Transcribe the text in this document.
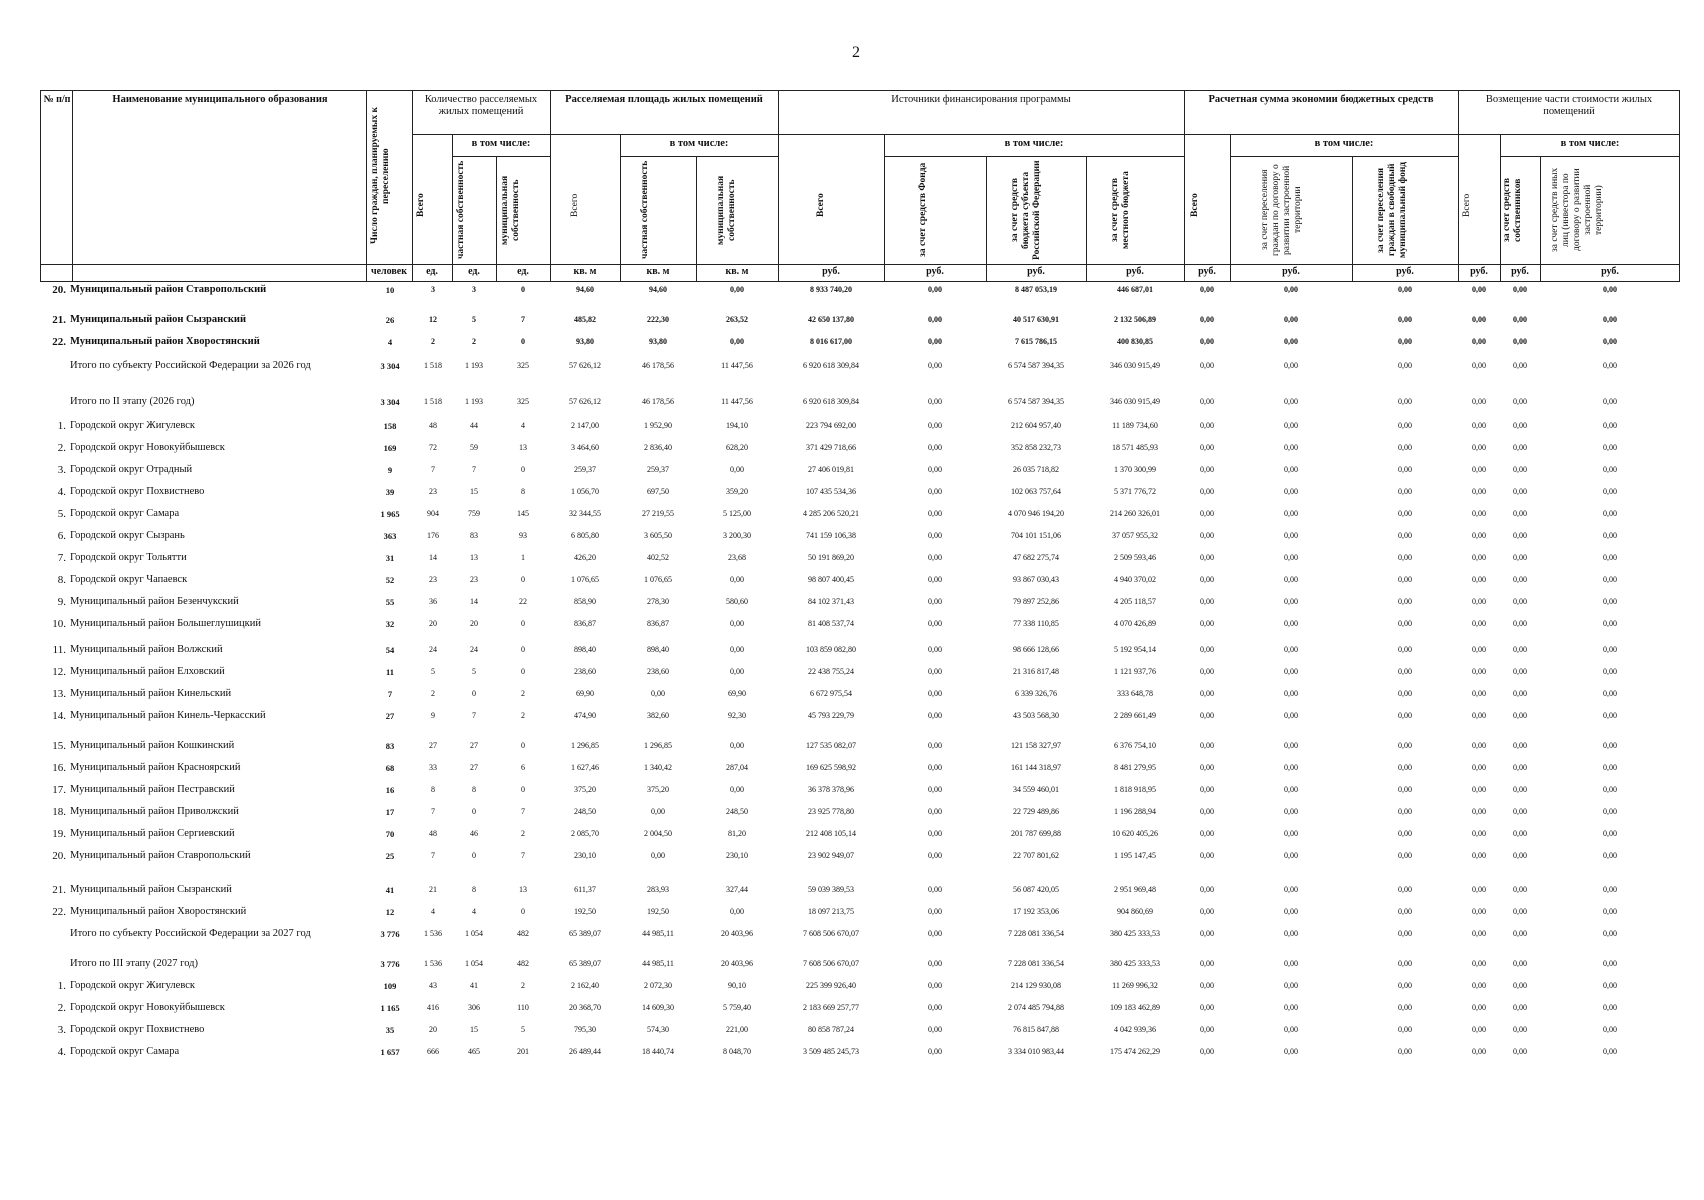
2
№ п/п	Наименование муниципального образования
Число граждан, планируемых к переселению
Количество расселяемых жилых помещений
Расселяемая площадь жилых помещений	Источники финансирования программы	Расчетная сумма экономии бюджетных средств	Возмещение части стоимости жилых помещений
в том числе:	в том числе:	в том числе:	в том числе:	в том числе:
Всего	частная собственность	муниципальная собственность	Всего	частная собственность	муниципальная собственность	Всего	за счет средств Фонда	за счет средств бюджета субъекта Российской Федерации	за счет средств местного бюджета	Всего	за счет переселения граждан по договору о развитии застроенной территории	за счет переселения граждан в свободный муниципальный фонд	Всего	за счет средств собственников	за счет средств иных лиц (инвестора по договору о развитии застроенной территории)
человек	ед.	ед.	ед.	кв. м	кв. м	кв. м	руб.	руб.	руб.	руб.	руб.	руб.	руб.	руб.	руб.	руб.
20. Муниципальный район Ставропольский	10	3	3	0	94,60	94,60	0,00	8 933 740,20	0,00	8 487 053,19	446 687,01	0,00	0,00	0,00	0,00	0,00	0,00
21. Муниципальный район Сызранский	26	12	5	7	485,82	222,30	263,52	42 650 137,80	0,00	40 517 630,91	2 132 506,89	0,00	0,00	0,00	0,00	0,00	0,00
22. Муниципальный район Хворостянский	4	2	2	0	93,80	93,80	0,00	8 016 617,00	0,00	7 615 786,15	400 830,85	0,00	0,00	0,00	0,00	0,00	0,00
Итого по субъекту Российской Федерации за 2026 год	3 304	1 518	1 193	325	57 626,12	46 178,56	11 447,56	6 920 618 309,84	0,00	6 574 587 394,35	346 030 915,49	0,00	0,00	0,00	0,00	0,00	0,00
Итого по II этапу (2026 год)	3 304	1 518	1 193	325	57 626,12	46 178,56	11 447,56	6 920 618 309,84	0,00	6 574 587 394,35	346 030 915,49	0,00	0,00	0,00	0,00	0,00	0,00
1. Городской округ Жигулевск	158	48	44	4	2 147,00	1 952,90	194,10	223 794 692,00	0,00	212 604 957,40	11 189 734,60	0,00	0,00	0,00	0,00	0,00	0,00
2. Городской округ Новокуйбышевск	169	72	59	13	3 464,60	2 836,40	628,20	371 429 718,66	0,00	352 858 232,73	18 571 485,93	0,00	0,00	0,00	0,00	0,00	0,00
3. Городской округ Отрадный	9	7	7	0	259,37	259,37	0,00	27 406 019,81	0,00	26 035 718,82	1 370 300,99	0,00	0,00	0,00	0,00	0,00	0,00
4. Городской округ Похвистнево	39	23	15	8	1 056,70	697,50	359,20	107 435 534,36	0,00	102 063 757,64	5 371 776,72	0,00	0,00	0,00	0,00	0,00	0,00
5. Городской округ Самара	1 965	904	759	145	32 344,55	27 219,55	5 125,00	4 285 206 520,21	0,00	4 070 946 194,20	214 260 326,01	0,00	0,00	0,00	0,00	0,00	0,00
6. Городской округ Сызрань	363	176	83	93	6 805,80	3 605,50	3 200,30	741 159 106,38	0,00	704 101 151,06	37 057 955,32	0,00	0,00	0,00	0,00	0,00	0,00
7. Городской округ Тольятти	31	14	13	1	426,20	402,52	23,68	50 191 869,20	0,00	47 682 275,74	2 509 593,46	0,00	0,00	0,00	0,00	0,00	0,00
8. Городской округ Чапаевск	52	23	23	0	1 076,65	1 076,65	0,00	98 807 400,45	0,00	93 867 030,43	4 940 370,02	0,00	0,00	0,00	0,00	0,00	0,00
9. Муниципальный район Безенчукский	55	36	14	22	858,90	278,30	580,60	84 102 371,43	0,00	79 897 252,86	4 205 118,57	0,00	0,00	0,00	0,00	0,00	0,00
10. Муниципальный район Большеглушицкий	32	20	20	0	836,87	836,87	0,00	81 408 537,74	0,00	77 338 110,85	4 070 426,89	0,00	0,00	0,00	0,00	0,00	0,00
11. Муниципальный район Волжский	54	24	24	0	898,40	898,40	0,00	103 859 082,80	0,00	98 666 128,66	5 192 954,14	0,00	0,00	0,00	0,00	0,00	0,00
12. Муниципальный район Елховский	11	5	5	0	238,60	238,60	0,00	22 438 755,24	0,00	21 316 817,48	1 121 937,76	0,00	0,00	0,00	0,00	0,00	0,00
13. Муниципальный район Кинельский	7	2	0	2	69,90	0,00	69,90	6 672 975,54	0,00	6 339 326,76	333 648,78	0,00	0,00	0,00	0,00	0,00	0,00
14. Муниципальный район Кинель-Черкасский	27	9	7	2	474,90	382,60	92,30	45 793 229,79	0,00	43 503 568,30	2 289 661,49	0,00	0,00	0,00	0,00	0,00	0,00
15. Муниципальный район Кошкинский	83	27	27	0	1 296,85	1 296,85	0,00	127 535 082,07	0,00	121 158 327,97	6 376 754,10	0,00	0,00	0,00	0,00	0,00	0,00
16. Муниципальный район Красноярский	68	33	27	6	1 627,46	1 340,42	287,04	169 625 598,92	0,00	161 144 318,97	8 481 279,95	0,00	0,00	0,00	0,00	0,00	0,00
17. Муниципальный район Пестравский	16	8	8	0	375,20	375,20	0,00	36 378 378,96	0,00	34 559 460,01	1 818 918,95	0,00	0,00	0,00	0,00	0,00	0,00
18. Муниципальный район Приволжский	17	7	0	7	248,50	0,00	248,50	23 925 778,80	0,00	22 729 489,86	1 196 288,94	0,00	0,00	0,00	0,00	0,00	0,00
19. Муниципальный район Сергиевский	70	48	46	2	2 085,70	2 004,50	81,20	212 408 105,14	0,00	201 787 699,88	10 620 405,26	0,00	0,00	0,00	0,00	0,00	0,00
20. Муниципальный район Ставропольский	25	7	0	7	230,10	0,00	230,10	23 902 949,07	0,00	22 707 801,62	1 195 147,45	0,00	0,00	0,00	0,00	0,00	0,00
21. Муниципальный район Сызранский	41	21	8	13	611,37	283,93	327,44	59 039 389,53	0,00	56 087 420,05	2 951 969,48	0,00	0,00	0,00	0,00	0,00	0,00
22. Муниципальный район Хворостянский	12	4	4	0	192,50	192,50	0,00	18 097 213,75	0,00	17 192 353,06	904 860,69	0,00	0,00	0,00	0,00	0,00	0,00
Итого по субъекту Российской Федерации за 2027 год	3 776	1 536	1 054	482	65 389,07	44 985,11	20 403,96	7 608 506 670,07	0,00	7 228 081 336,54	380 425 333,53	0,00	0,00	0,00	0,00	0,00	0,00
Итого по III этапу (2027 год)	3 776	1 536	1 054	482	65 389,07	44 985,11	20 403,96	7 608 506 670,07	0,00	7 228 081 336,54	380 425 333,53	0,00	0,00	0,00	0,00	0,00	0,00
1. Городской округ Жигулевск	109	43	41	2	2 162,40	2 072,30	90,10	225 399 926,40	0,00	214 129 930,08	11 269 996,32	0,00	0,00	0,00	0,00	0,00	0,00
2. Городской округ Новокуйбышевск	1 165	416	306	110	20 368,70	14 609,30	5 759,40	2 183 669 257,77	0,00	2 074 485 794,88	109 183 462,89	0,00	0,00	0,00	0,00	0,00	0,00
3. Городской округ Похвистнево	35	20	15	5	795,30	574,30	221,00	80 858 787,24	0,00	76 815 847,88	4 042 939,36	0,00	0,00	0,00	0,00	0,00	0,00
4. Городской округ Самара	1 657	666	465	201	26 489,44	18 440,74	8 048,70	3 509 485 245,73	0,00	3 334 010 983,44	175 474 262,29	0,00	0,00	0,00	0,00	0,00	0,00
